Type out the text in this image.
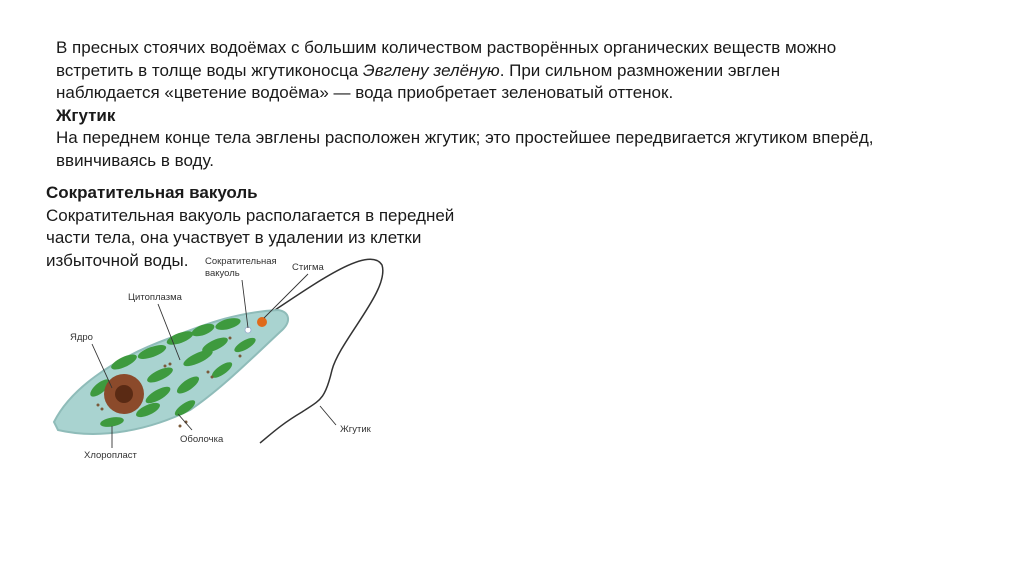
В пресных стоячих водоёмах с большим количеством растворённых органических веществ можно

встретить в толще воды жгутиконосца Эвглену зелёную. При сильном размножении эвглен

наблюдается «цветение водоёма» — вода приобретает зеленоватый оттенок.

Жгутик

На переднем конце тела эвглены расположен жгутик; это простейшее передвигается жгутиком вперёд,

ввинчиваясь в воду.

Сократительная вакуоль

Сократительная вакуоль располагается в передней

части тела, она участвует в удалении из клетки

избыточной воды.	Сократительная
вакуоль
Стигма
Цитоплазма
Ядро
Оболочка
Хлоропласт
Жгутик
